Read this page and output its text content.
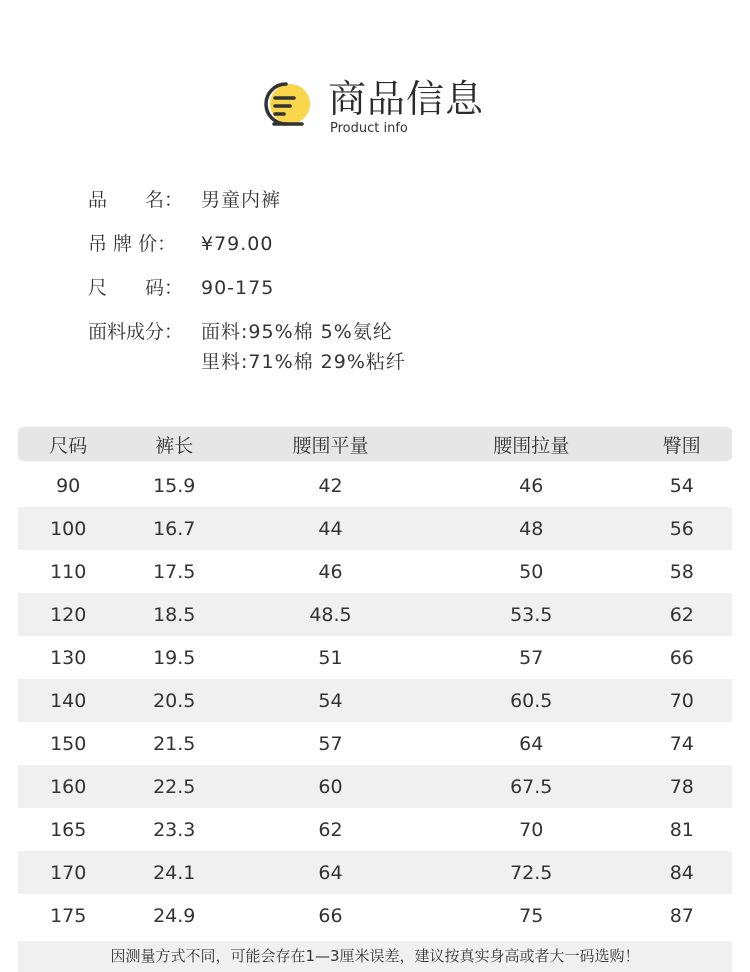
商品信息
Product info
品　　名： 男童内裤
吊 牌 价：	¥79.00
尺　　码： 90-175
面料成分： 面料:95%棉 5%氨纶
里料:71%棉 29%粘纤
尺码	裤长	腰围平量	腰围拉量	臀围
90	15.9	42	46	54
100	16.7	44	48	56
110	17.5	46	50	58
120	18.5	48.5	53.5	62
130	19.5	51	57	66
140	20.5	54	60.5	70
150	21.5	57	64	74
160	22.5	60	67.5	78
165	23.3	62	70	81
170	24.1	64	72.5	84
175	24.9	66	75	87
因测量方式不同，可能会存在1—3厘米误差，建议按真实身高或者大一码选购！
